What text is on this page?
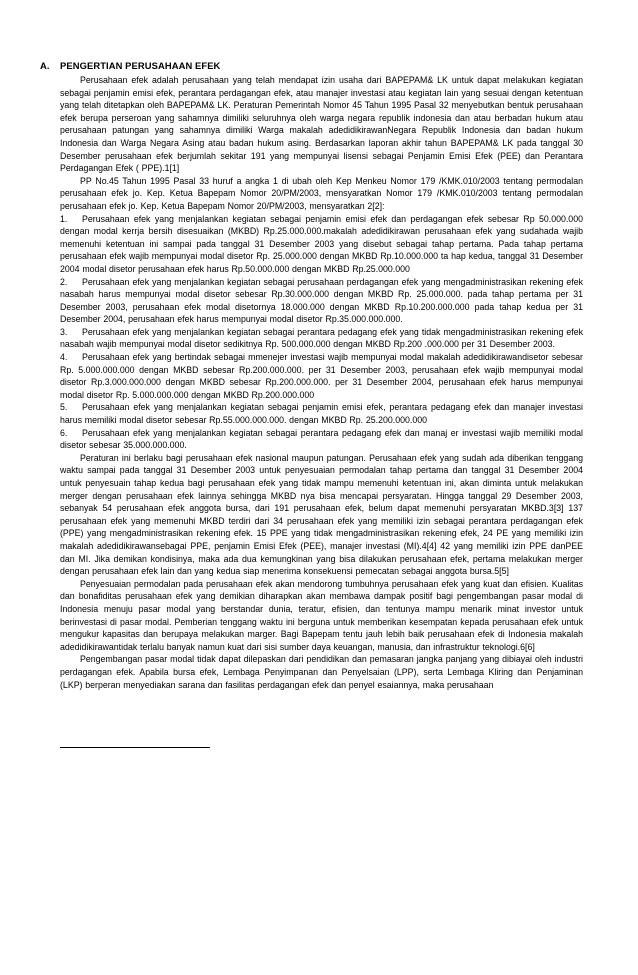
A. PENGERTIAN PERUSAHAAN EFEK

Perusahaan efek adalah perusahaan yang telah mendapat izin usaha dari BAPEPAM& LK untuk dapat melakukan kegiatan sebagai penjamin emisi efek, perantara perdagangan efek, atau manajer investasi atau kegiatan lain yang sesuai dengan ketentuan yang telah ditetapkan oleh BAPEPAM& LK. Peraturan Pemerintah Nomor 45 Tahun 1995 Pasal 32 menyebutkan bentuk perusahaan efek berupa perseroan yang sahamnya dimiliki seluruhnya oleh warga negara republik indonesia dan atau berbadan hukum atau perusahaan patungan yang sahamnya dimiliki Warga makalah adedidikirawanNegara Republik Indonesia dan badan hukum Indonesia dan Warga Negara Asing atau badan hukum asing. Berdasarkan laporan akhir tahun BAPEPAM& LK pada tanggal 30 Desember perusahaan efek berjumlah sekitar 191 yang mempunyai lisensi sebagai Penjamin Emisi Efek (PEE) dan Perantara Perdagangan Efek ( PPE).1[1]

PP No.45 Tahun 1995 Pasal 33 huruf a angka 1 di ubah oleh Kep Menkeu Nomor 179 /KMK.010/2003 tentang permodalan perusahaan efek jo. Kep. Ketua Bapepam Nomor 20/PM/2003, mensyaratkan Nomor 179 /KMK.010/2003 tentang permodalan perusahaan efek jo. Kep. Ketua Bapepam Nomor 20/PM/2003, mensyaratkan 2[2]:

1. Perusahaan efek yang menjalankan kegiatan sebagai penjamin emisi efek dan perdagangan efek sebesar Rp 50.000.000 dengan modal kerrja bersih disesuaikan (MKBD) Rp.25.000.000.makalah adedidikirawan perusahaan efek yang sudahada wajib memenuhi ketentuan ini sampai pada tanggal 31 Desember 2003 yang disebut sebagai tahap pertama. Pada tahap pertama perusahaan efek wajib mempunyai modal disetor Rp. 25.000.000 dengan MKBD Rp.10.000.000 ta hap kedua, tanggal 31 Desember 2004 modal disetor perusahaan efek harus Rp.50.000.000 dengan MKBD Rp.25.000.000

2. Perusahaan efek yang menjalankan kegiatan sebagai perusahaan perdagangan efek yang mengadministrasikan rekening efek nasabah harus mempunyai modal disetor sebesar Rp.30.000.000 dengan MKBD Rp. 25.000.000. pada tahap pertama per 31 Desember 2003, perusahaan efek modal disetornya 18.000.000 dengan MKBD Rp.10.200.000.000 pada tahap kedua per 31 Desember 2004, perusahaan efek harus mempunyai modal disetor Rp.35.000.000.000.

3. Perusahaan efek yang menjalankan kegiatan sebagai perantara pedagang efek yang tidak mengadministrasikan rekening efek nasabah wajib mempunyai modal disetor sedikitnya Rp. 500.000.000 dengan MKBD Rp.200 .000.000 per 31 Desember 2003.

4. Perusahaan efek yang bertindak sebagai mmenejer investasi wajib mempunyai modal makalah adedidikirawandisetor sebesar Rp. 5.000.000.000 dengan MKBD sebesar Rp.200.000.000. per 31 Desember 2003, perusahaan efek wajib mempunyai modal disetor Rp.3.000.000.000 dengan MKBD sebesar Rp.200.000.000. per 31 Desember 2004, perusahaan efek harus mempunyai modal disetor Rp. 5.000.000.000 dengan MKBD Rp.200.000.000

5. Perusahaan efek yang menjalankan kegiatan sebagai penjamin emisi efek, perantara pedagang efek dan manajer investasi harus memiliki modal disetor sebesar Rp.55.000.000.000. dengan MKBD Rp. 25.200.000.000

6. Perusahaan efek yang menjalankan kegiatan sebagai perantara pedagang efek dan manaj er investasi wajib memiliki modal disetor sebesar 35.000.000.000.

Peraturan ini berlaku bagi perusahaan efek nasional maupun patungan. Perusahaan efek yang sudah ada diberikan tenggang waktu sampai pada tanggal 31 Desember 2003 untuk penyesuaian permodalan tahap pertama dan tanggal 31 Desember 2004 untuk penyesuain tahap kedua bagi perusahaan efek yang tidak mampu memenuhi ketentuan ini, akan diminta untuk melakukan merger dengan perusahaan efek lainnya sehingga MKBD nya bisa mencapai persyaratan. Hingga tanggal 29 Desember 2003, sebanyak 54 perusahaan efek anggota bursa, dari 191 perusahaan efek, belum dapat memenuhi persyaratan MKBD.3[3] 137 perusahaan efek yang memenuhi MKBD terdiri dari 34 perusahaan efek yang memiliki izin sebagai perantara perdagangan efek (PPE) yang mengadministrasikan rekening efek. 15 PPE yang tidak mengadministrasikan rekening efek, 24 PE yang memiliki izin makalah adedidikirawansebagai PPE, penjamin Emisi Efek (PEE), manajer investasi (MI).4[4] 42 yang memiliki izin PPE danPEE dan MI. Jika demikan kondisinya, maka ada dua kemungkinan yang bisa dilakukan perusahaan efek, pertama melakukan merger dengan perusahaan efek lain dan yang kedua siap menerima konsekuensi pemecatan sebagai anggota bursa.5[5]

Penyesuaian permodalan pada perusahaan efek akan mendorong tumbuhnya perusahaan efek yang kuat dan efisien. Kualitas dan bonafiditas perusahaan efek yang demikian diharapkan akan membawa dampak positif bagi pengembangan pasar modal di Indonesia menuju pasar modal yang berstandar dunia, teratur, efisien, dan tentunya mampu menarik minat investor untuk berinvestasi di pasar modal. Pemberian tenggang waktu ini berguna untuk memberikan kesempatan kepada perusahaan efek untuk mengukur kapasitas dan berupaya melakukan marger. Bagi Bapepam tentu jauh lebih baik perusahaan efek di Indonesia makalah adedidikirawantidak terlalu banyak namun kuat dari sisi sumber daya keuangan, manusia, dan infrastruktur teknologi.6[6]

Pengembangan pasar modal tidak dapat dilepaskan dari pendidikan dan pemasaran jangka panjang yang dibiayai oleh industri perdagangan efek. Apabila bursa efek, Lembaga Penyimpanan dan Penyelsaian (LPP), serta Lembaga Kliring dan Penjaminan (LKP) berperan menyediakan sarana dan fasilitas perdagangan efek dan penyel esaiannya, maka perusahaan
